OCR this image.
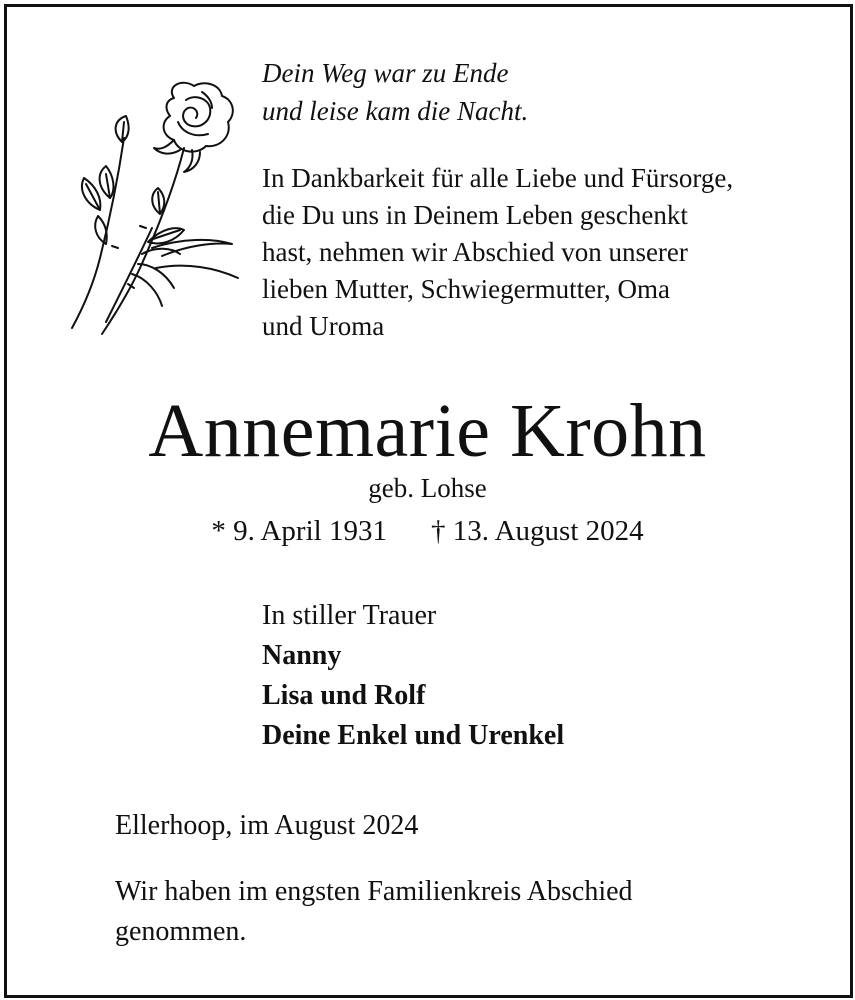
Dein Weg war zu Ende
und leise kam die Nacht.
In Dankbarkeit für alle Liebe und Fürsorge,
die Du uns in Deinem Leben geschenkt
hast, nehmen wir Abschied von unserer
lieben Mutter, Schwiegermutter, Oma
und Uroma
Annemarie Krohn
geb. Lohse
* 9. April 1931 † 13. August 2024
In stiller Trauer
Nanny
Lisa und Rolf
Deine Enkel und Urenkel
Ellerhoop, im August 2024
Wir haben im engsten Familienkreis Abschied
genommen.
